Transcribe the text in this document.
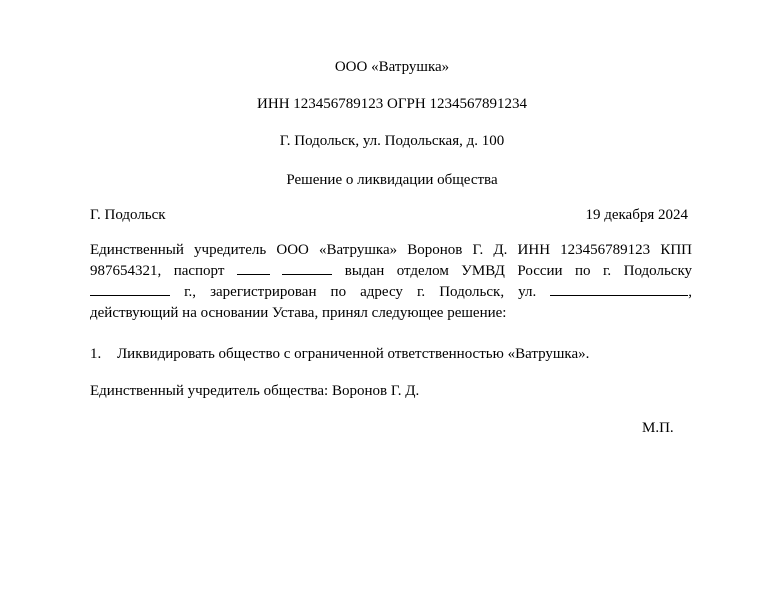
ООО «Ватрушка»
ИНН 123456789123 ОГРН 1234567891234
Г. Подольск, ул. Подольская, д. 100
Решение о ликвидации общества
Г. Подольск	19 декабря 2024
Единственный учредитель ООО «Ватрушка» Воронов Г. Д. ИНН 123456789123 КПП
987654321, паспорт	выдан отделом УМВД России по г. Подольску
г., зарегистрирован по адресу г. Подольск, ул.	,
действующий на основании Устава, принял следующее решение:
1. Ликвидировать общество с ограниченной ответственностью «Ватрушка».
Единственный учредитель общества: Воронов Г. Д.
М.П.
